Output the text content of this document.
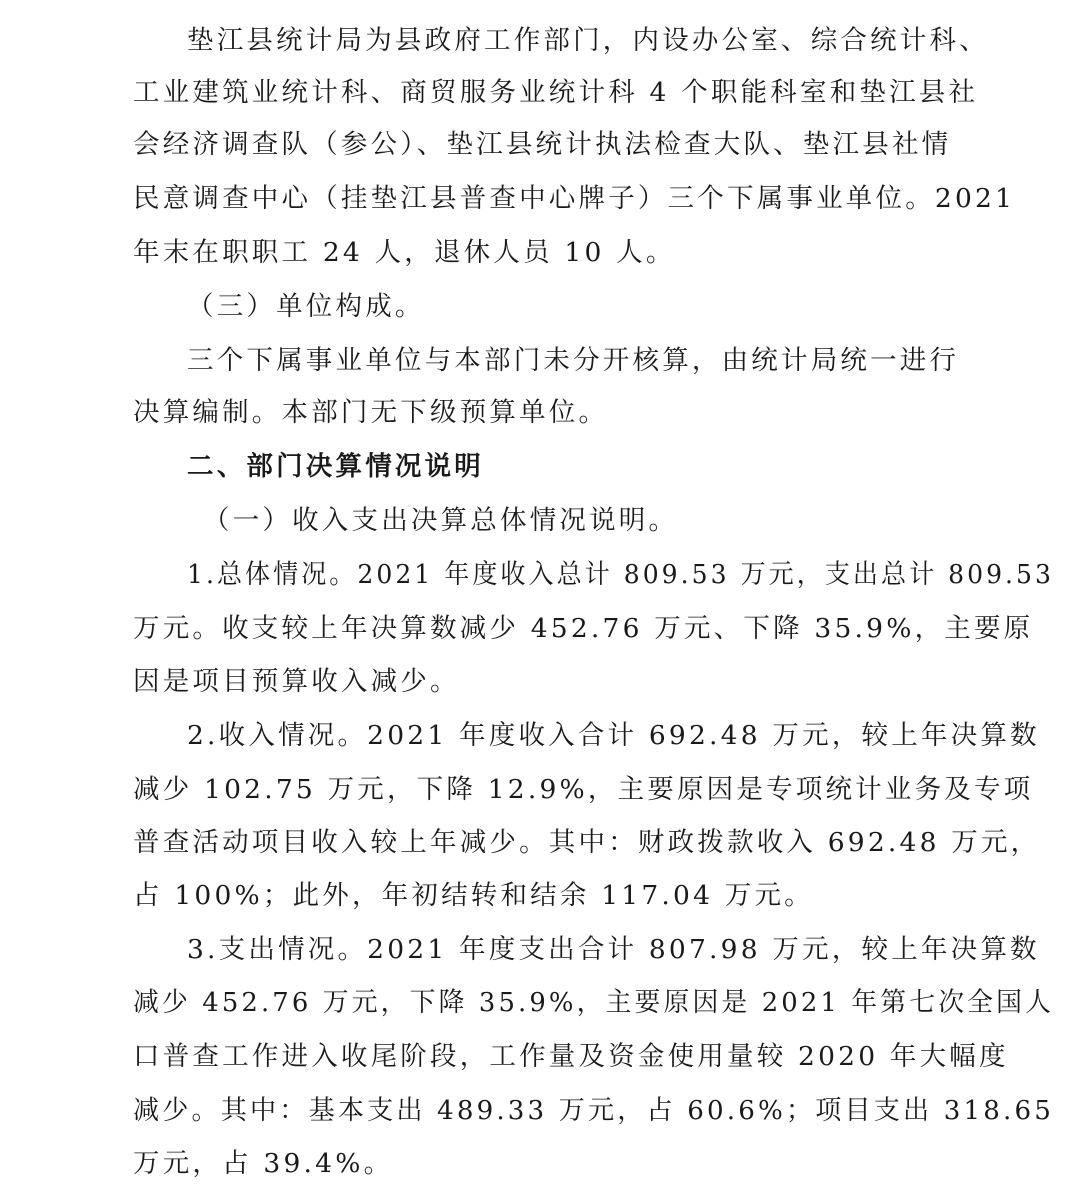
垫江县统计局为县政府工作部门，内设办公室、综合统计科、
工业建筑业统计科、商贸服务业统计科 4 个职能科室和垫江县社
会经济调查队（参公）、垫江县统计执法检查大队、垫江县社情
民意调查中心（挂垫江县普查中心牌子）三个下属事业单位。2021
年末在职职工 24 人，退休人员 10 人。
（三）单位构成。
三个下属事业单位与本部门未分开核算，由统计局统一进行
决算编制。本部门无下级预算单位。
二、部门决算情况说明
（一）收入支出决算总体情况说明。
1.总体情况。2021 年度收入总计 809.53 万元，支出总计 809.53
万元。收支较上年决算数减少 452.76 万元、下降 35.9%，主要原
因是项目预算收入减少。
2.收入情况。2021 年度收入合计 692.48 万元，较上年决算数
减少 102.75 万元，下降 12.9%，主要原因是专项统计业务及专项
普查活动项目收入较上年减少。其中：财政拨款收入 692.48 万元，
占 100%；此外，年初结转和结余 117.04 万元。
3.支出情况。2021 年度支出合计 807.98 万元，较上年决算数
减少 452.76 万元，下降 35.9%，主要原因是 2021 年第七次全国人
口普查工作进入收尾阶段，工作量及资金使用量较 2020 年大幅度
减少。其中：基本支出 489.33 万元，占 60.6%；项目支出 318.65
万元，占 39.4%。
